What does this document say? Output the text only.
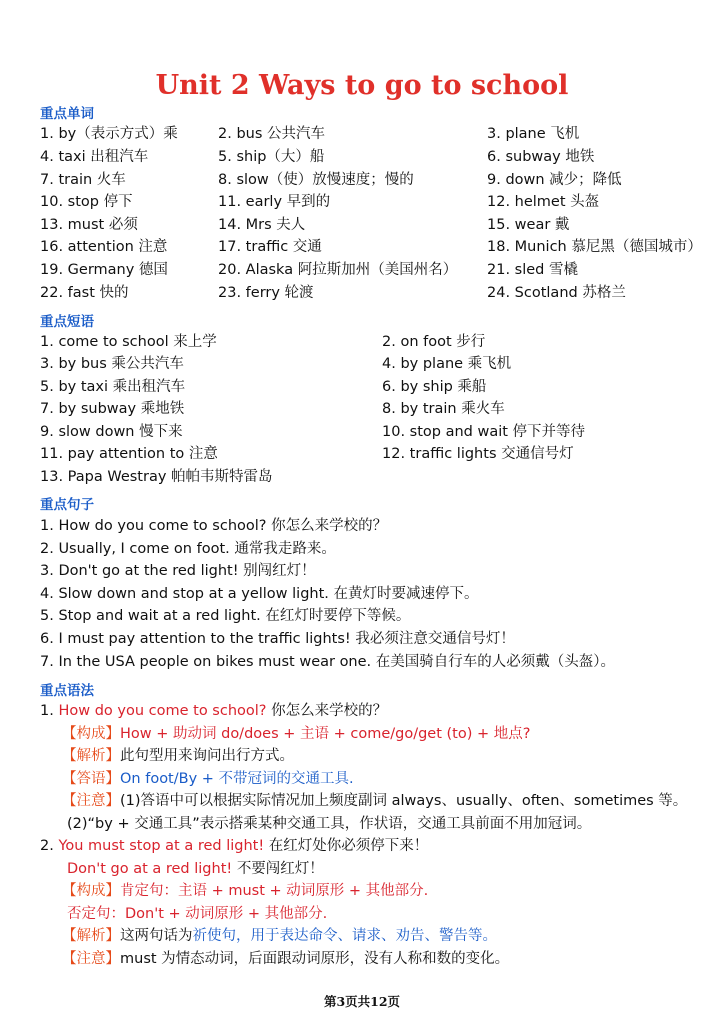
Unit 2 Ways to go to school

重点单词

1. by（表示方式）乘	2. bus 公共汽车	3. plane 飞机
4. taxi 出租汽车	5. ship（大）船	6. subway 地铁
7. train 火车	8. slow（使）放慢速度；慢的	9. down 减少；降低
10. stop 停下	11. early 早到的	12. helmet 头盔
13. must 必须	14. Mrs 夫人	15. wear 戴
16. attention 注意	17. traffic 交通	18. Munich 慕尼黑（德国城市）
19. Germany 德国	20. Alaska 阿拉斯加州（美国州名） 21. sled 雪橇
22. fast 快的	23. ferry 轮渡	24. Scotland 苏格兰

重点短语

1. come to school 来上学	2. on foot 步行
3. by bus 乘公共汽车	4. by plane 乘飞机
5. by taxi 乘出租汽车	6. by ship 乘船
7. by subway 乘地铁	8. by train 乘火车
9. slow down 慢下来	10. stop and wait 停下并等待
11. pay attention to 注意	12. traffic lights 交通信号灯
13. Papa Westray 帕帕韦斯特雷岛

重点句子

1. How do you come to school? 你怎么来学校的？
2. Usually, I come on foot. 通常我走路来。
3. Don't go at the red light! 别闯红灯！
4. Slow down and stop at a yellow light. 在黄灯时要减速停下。
5. Stop and wait at a red light. 在红灯时要停下等候。
6. I must pay attention to the traffic lights! 我必须注意交通信号灯！
7. In the USA people on bikes must wear one. 在美国骑自行车的人必须戴（头盔）。

重点语法

1. How do you come to school? 你怎么来学校的？
【构成】How + 助动词 do/does + 主语 + come/go/get (to) + 地点?
【解析】此句型用来询问出行方式。
【答语】On foot/By + 不带冠词的交通工具.
【注意】(1)答语中可以根据实际情况加上频度副词 always、usually、often、sometimes 等。
(2)“by + 交通工具”表示搭乘某种交通工具，作状语，交通工具前面不用加冠词。
2. You must stop at a red light! 在红灯处你必须停下来！
Don't go at a red light! 不要闯红灯！
【构成】肯定句：主语 + must + 动词原形 + 其他部分.
否定句：Don't + 动词原形 + 其他部分.
【解析】这两句话为祈使句，用于表达命令、请求、劝告、警告等。
【注意】must 为情态动词，后面跟动词原形，没有人称和数的变化。
第3页共12页
